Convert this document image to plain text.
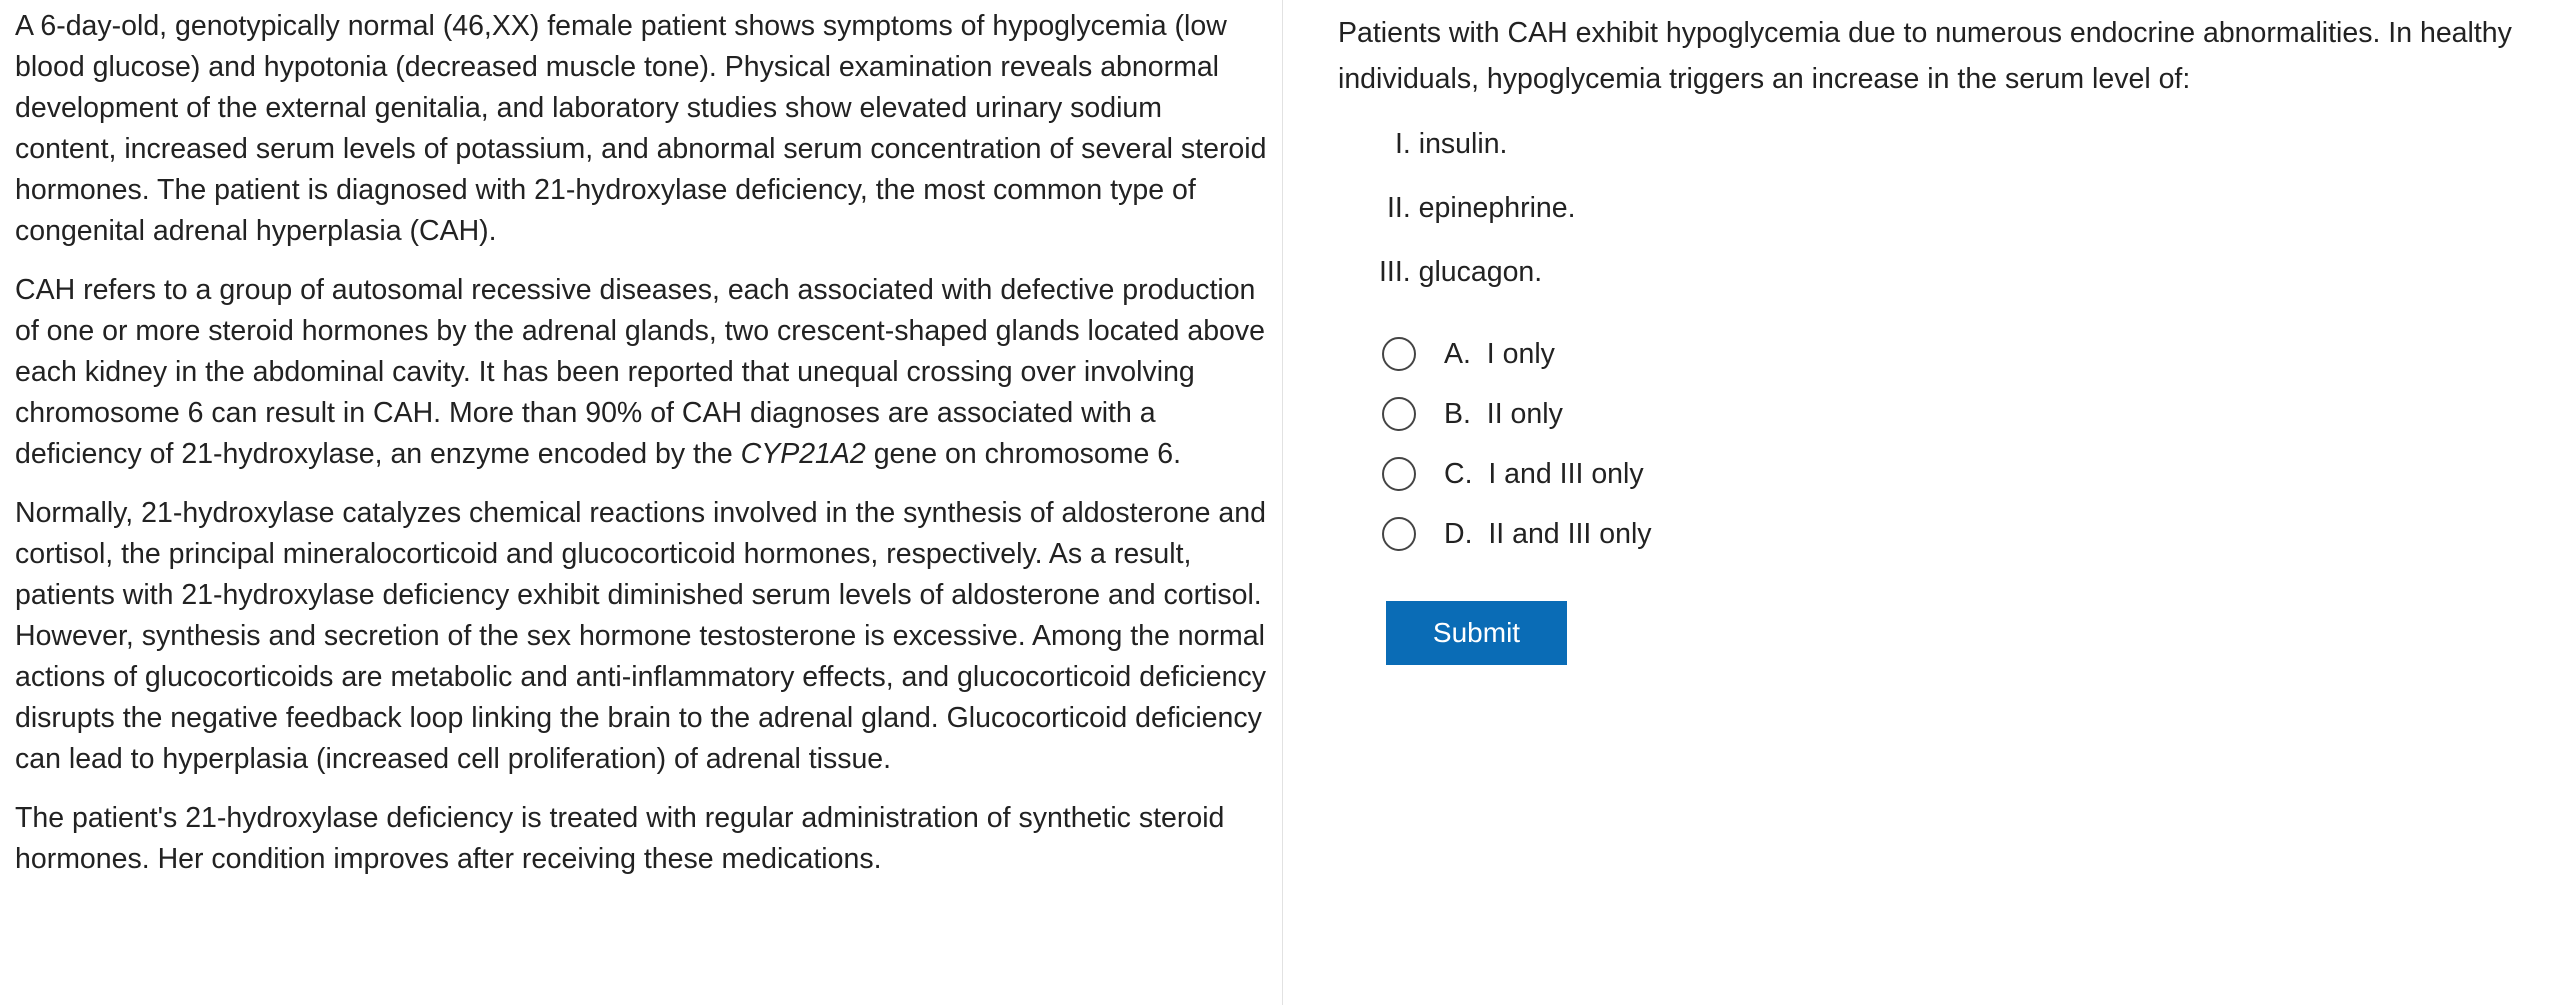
A 6-day-old, genotypically normal (46,XX) female patient shows symptoms of hypoglycemia (low blood glucose) and hypotonia (decreased muscle tone). Physical examination reveals abnormal development of the external genitalia, and laboratory studies show elevated urinary sodium content, increased serum levels of potassium, and abnormal serum concentration of several steroid hormones. The patient is diagnosed with 21-hydroxylase deficiency, the most common type of congenital adrenal hyperplasia (CAH).

CAH refers to a group of autosomal recessive diseases, each associated with defective production of one or more steroid hormones by the adrenal glands, two crescent-shaped glands located above each kidney in the abdominal cavity. It has been reported that unequal crossing over involving chromosome 6 can result in CAH. More than 90% of CAH diagnoses are associated with a deficiency of 21-hydroxylase, an enzyme encoded by the CYP21A2 gene on chromosome 6.

Normally, 21-hydroxylase catalyzes chemical reactions involved in the synthesis of aldosterone and cortisol, the principal mineralocorticoid and glucocorticoid hormones, respectively. As a result, patients with 21-hydroxylase deficiency exhibit diminished serum levels of aldosterone and cortisol. However, synthesis and secretion of the sex hormone testosterone is excessive. Among the normal actions of glucocorticoids are metabolic and anti-inflammatory effects, and glucocorticoid deficiency disrupts the negative feedback loop linking the brain to the adrenal gland. Glucocorticoid deficiency can lead to hyperplasia (increased cell proliferation) of adrenal tissue.

The patient's 21-hydroxylase deficiency is treated with regular administration of synthetic steroid hormones. Her condition improves after receiving these medications.

Patients with CAH exhibit hypoglycemia due to numerous endocrine abnormalities. In healthy individuals, hypoglycemia triggers an increase in the serum level of:

I. insulin.
II. epinephrine.
III. glucagon.
A. I only
B. II only
C. I and III only
D. II and III only
Submit
